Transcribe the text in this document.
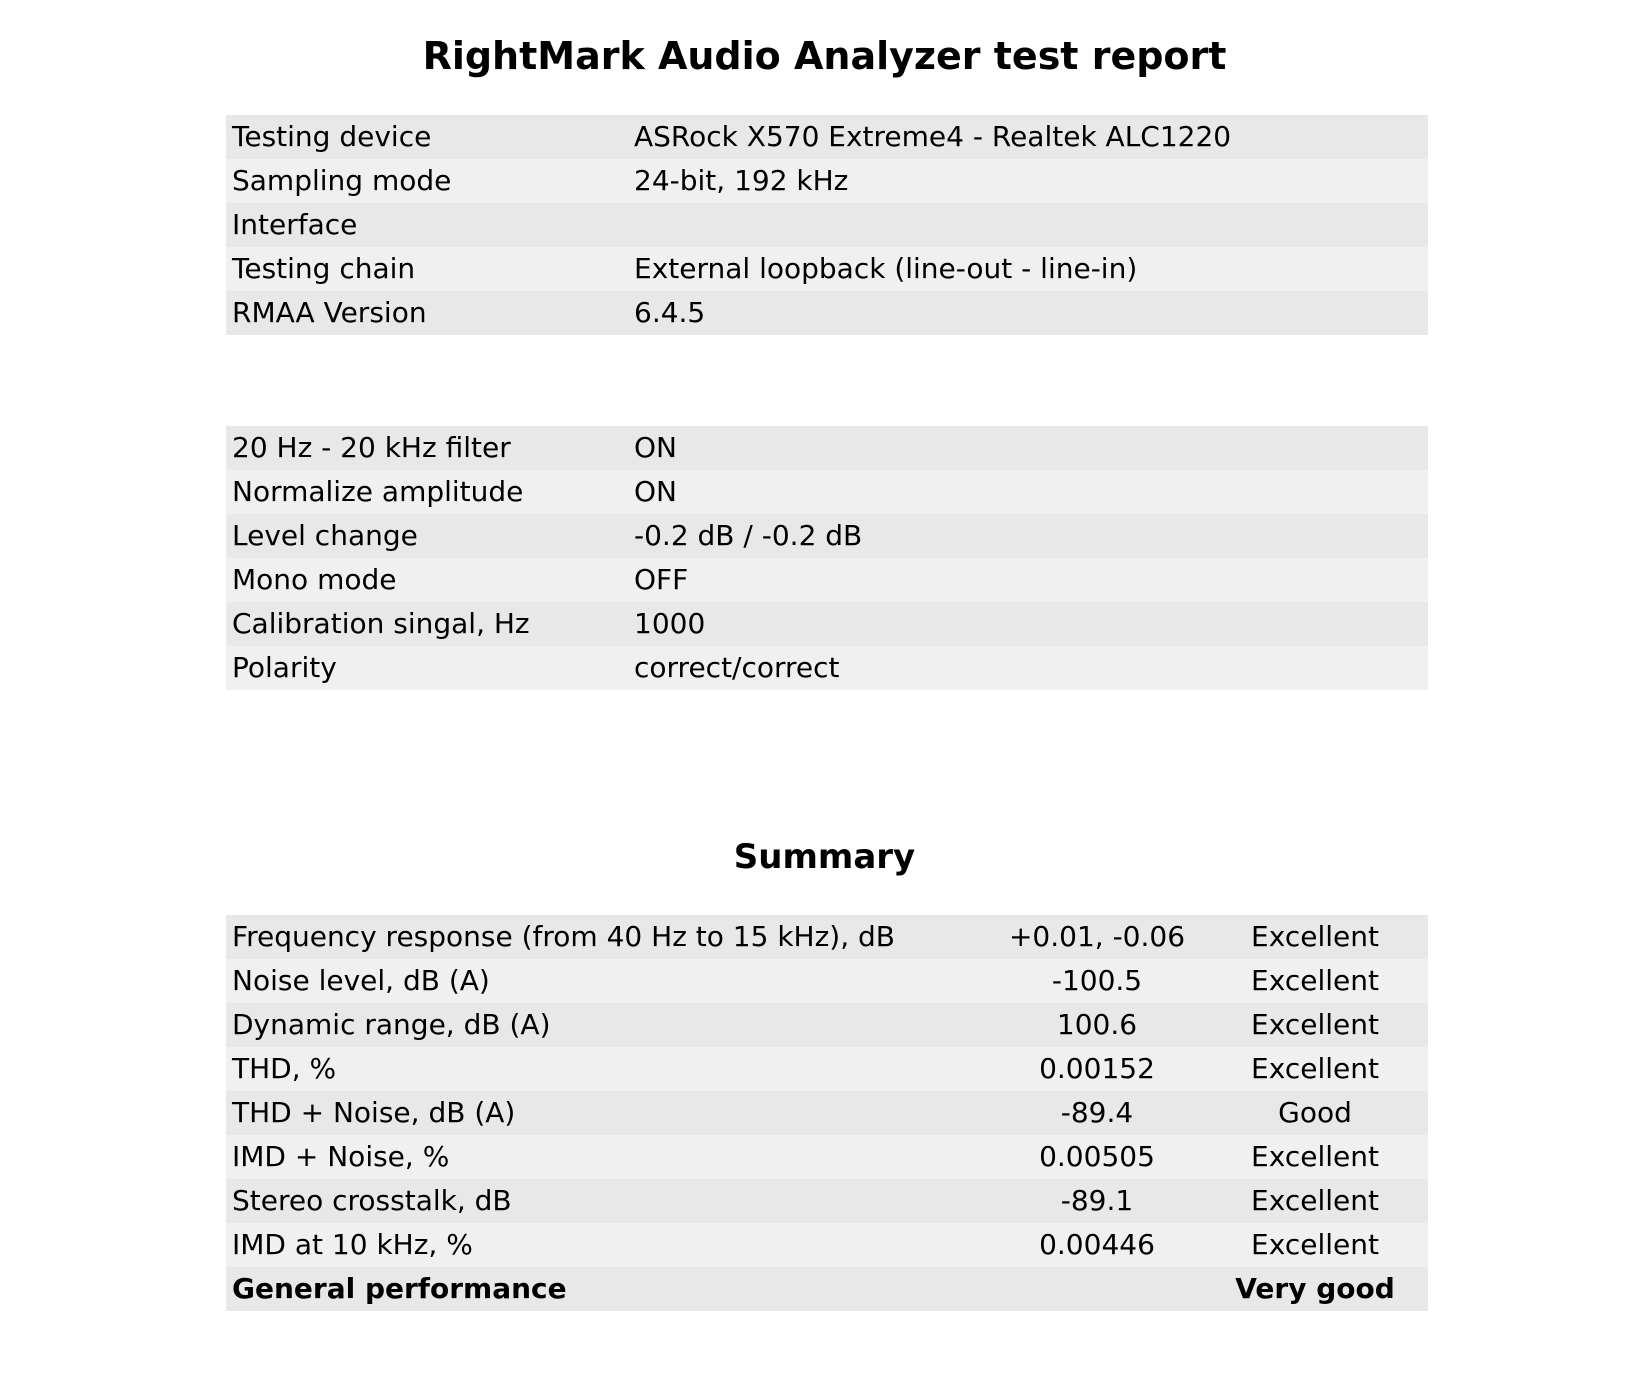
RightMark Audio Analyzer test report
Testing device	ASRock X570 Extreme4 - Realtek ALC1220
Sampling mode	24-bit, 192 kHz
Interface	
Testing chain	External loopback (line-out - line-in)
RMAA Version	6.4.5
20 Hz - 20 kHz filter	ON
Normalize amplitude	ON
Level change	-0.2 dB / -0.2 dB
Mono mode	OFF
Calibration singal, Hz	1000
Polarity	correct/correct
Summary
Frequency response (from 40 Hz to 15 kHz), dB	+0.01, -0.06	Excellent
Noise level, dB (A)	-100.5	Excellent
Dynamic range, dB (A)	100.6	Excellent
THD, %	0.00152	Excellent
THD + Noise, dB (A)	-89.4	Good
IMD + Noise, %	0.00505	Excellent
Stereo crosstalk, dB	-89.1	Excellent
IMD at 10 kHz, %	0.00446	Excellent
General performance		Very good
